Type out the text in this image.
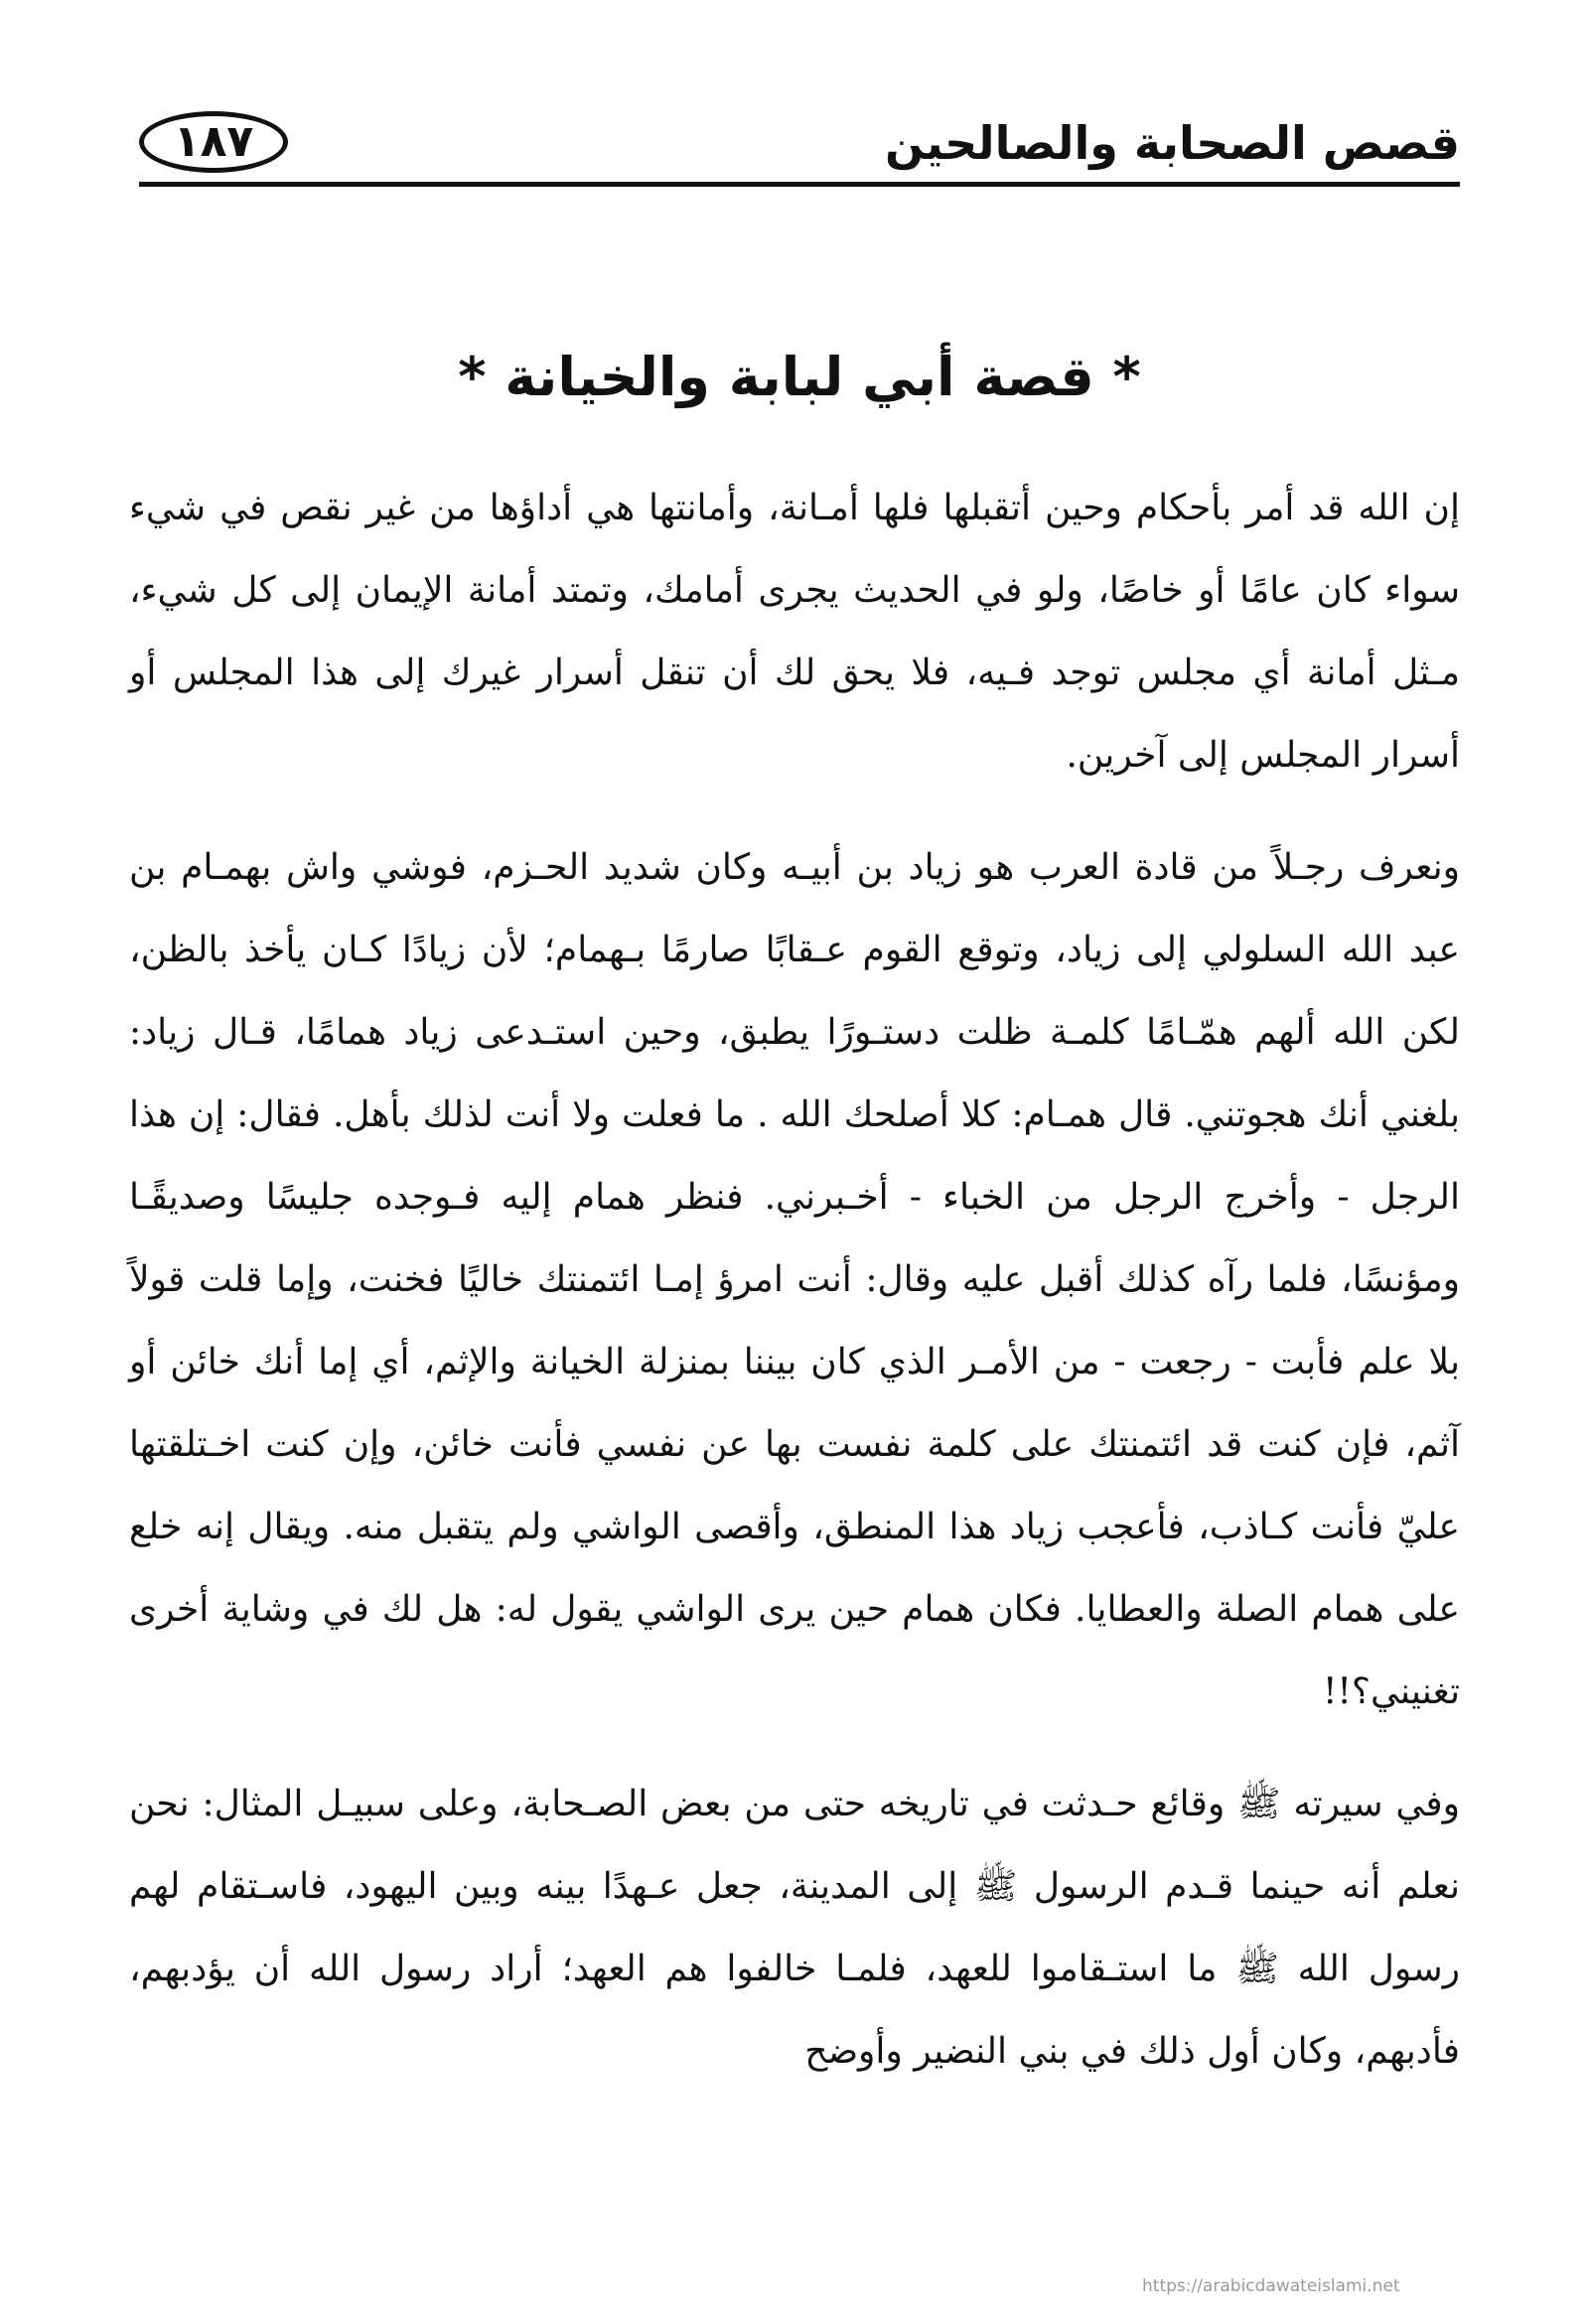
قصص الصحابة والصالحين
١٨٧
* قصة أبي لبابة والخيانة *

إن الله قد أمر بأحكام وحين أتقبلها فلها أمـانة، وأمانتها هي أداؤها من غير نقص في شيء سواء كان عامًا أو خاصًا، ولو في الحديث يجرى أمامك، وتمتد أمانة الإيمان إلى كل شيء، مـثل أمانة أي مجلس توجد فـيه، فلا يحق لك أن تنقل أسرار غيرك إلى هذا المجلس أو أسرار المجلس إلى آخرين.

ونعرف رجـلاً من قادة العرب هو زياد بن أبيـه وكان شديد الحـزم، فوشي واش بهمـام بن عبد الله السلولي إلى زياد، وتوقع القوم عـقابًا صارمًا بـهمام؛ لأن زيادًا كـان يأخذ بالظن، لكن الله ألهم همّـامًا كلمـة ظلت دستـورًا يطبق، وحين استـدعى زياد همامًا، قـال زياد: بلغني أنك هجوتني. قال همـام: كلا أصلحك الله . ما فعلت ولا أنت لذلك بأهل. فقال: إن هذا الرجل - وأخرج الرجل من الخباء - أخـبرني. فنظر همام إليه فـوجده جليسًا وصديقًـا ومؤنسًا، فلما رآه كذلك أقبل عليه وقال: أنت امرؤ إمـا ائتمنتك خاليًا فخنت، وإما قلت قولاً بلا علم فأبت - رجعت - من الأمـر الذي كان بيننا بمنزلة الخيانة والإثم، أي إما أنك خائن أو آثم، فإن كنت قد ائتمنتك على كلمة نفست بها عن نفسي فأنت خائن، وإن كنت اخـتلقتها عليّ فأنت كـاذب، فأعجب زياد هذا المنطق، وأقصى الواشي ولم يتقبل منه. ويقال إنه خلع على همام الصلة والعطايا. فكان همام حين يرى الواشي يقول له: هل لك في وشاية أخرى تغنيني؟!!

وفي سيرته ﷺ وقائع حـدثت في تاريخه حتى من بعض الصـحابة، وعلى سبيـل المثال: نحن نعلم أنه حينما قـدم الرسول ﷺ إلى المدينة، جعل عـهدًا بينه وبين اليهود، فاسـتقام لهم رسول الله ﷺ ما استـقاموا للعهد، فلمـا خالفوا هم العهد؛ أراد رسول الله أن يؤدبهم، فأدبهم، وكان أول ذلك في بني النضير وأوضح

https://arabicdawateislami.net
